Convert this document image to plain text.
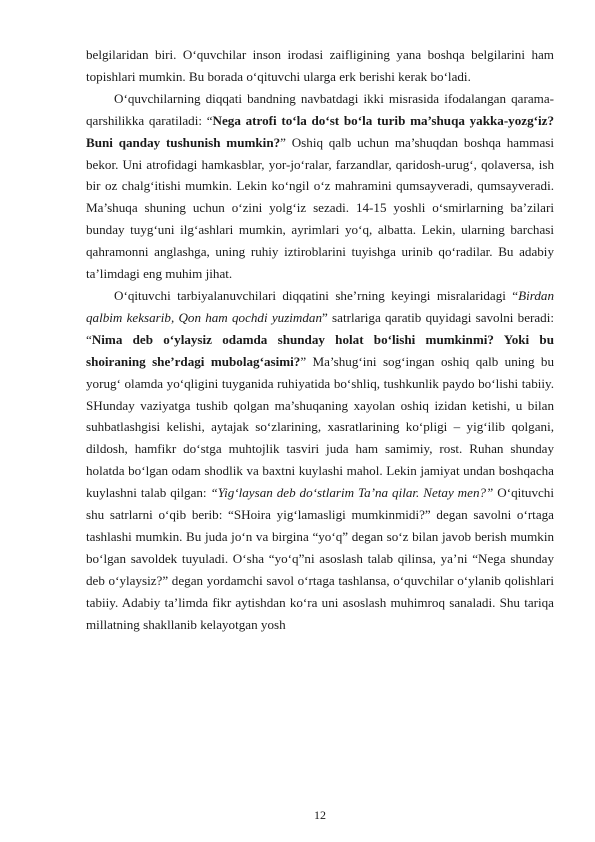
belgilaridan biri. O‘quvchilar inson irodasi zaifligining yana boshqa belgilarini ham topishlari mumkin. Bu borada o‘qituvchi ularga erk berishi kerak bo‘ladi.

O‘quvchilarning diqqati bandning navbatdagi ikki misrasida ifodalangan qarama-qarshilikka qaratiladi: “Nega atrofi to‘la do‘st bo‘la turib ma’shuqa yakka-yozg‘iz? Buni qanday tushunish mumkin?” Oshiq qalb uchun ma’shuqdan boshqa hammasi bekor. Uni atrofidagi hamkasblar, yor-jo‘ralar, farzandlar, qaridosh-urug‘, qolaversa, ish bir oz chalg‘itishi mumkin. Lekin ko‘ngil o‘z mahramini qumsayveradi, qumsayveradi. Ma’shuqa shuning uchun o‘zini yolg‘iz sezadi. 14-15 yoshli o‘smirlarning ba’zilari bunday tuyg‘uni ilg‘ashlari mumkin, ayrimlari yo‘q, albatta. Lekin, ularning barchasi qahramonni anglashga, uning ruhiy iztiroblarini tuyishga urinib qo‘radilar. Bu adabiy ta’limdagi eng muhim jihat.

O‘qituvchi tarbiyalanuvchilari diqqatini she’rning keyingi misralaridagi “Birdan qalbim keksarib, Qon ham qochdi yuzimdan” satrlariga qaratib quyidagi savolni beradi: “Nima deb o‘ylaysiz odamda shunday holat bo‘lishi mumkinmi? Yoki bu shoiraning she’rdagi mubolag‘asimi?” Ma’shug‘ini sog‘ingan oshiq qalb uning bu yorug‘ olamda yo‘qligini tuyganida ruhiyatida bo‘shliq, tushkunlik paydo bo‘lishi tabiiy. SHunday vaziyatga tushib qolgan ma’shuqaning xayolan oshiq izidan ketishi, u bilan suhbatlashgisi kelishi, aytajak so‘zlarining, xasratlarining ko‘pligi – yig‘ilib qolgani, dildosh, hamfikr do‘stga muhtojlik tasviri juda ham samimiy, rost. Ruhan shunday holatda bo‘lgan odam shodlik va baxtni kuylashi mahol. Lekin jamiyat undan boshqacha kuylashni talab qilgan: “Yig‘laysan deb do‘stlarim Ta’na qilar. Netay men?” O‘qituvchi shu satrlarni o‘qib berib: “SHoira yig‘lamasligi mumkinmidi?” degan savolni o‘rtaga tashlashi mumkin. Bu juda jo‘n va birgina “yo‘q” degan so‘z bilan javob berish mumkin bo‘lgan savoldek tuyuladi. O‘sha “yo‘q”ni asoslash talab qilinsa, ya’ni “Nega shunday deb o‘ylaysiz?” degan yordamchi savol o‘rtaga tashlansa, o‘quvchilar o‘ylanib qolishlari tabiiy. Adabiy ta’limda fikr aytishdan ko‘ra uni asoslash muhimroq sanaladi. Shu tariqa millatning shakllanib kelayotgan yosh

12
